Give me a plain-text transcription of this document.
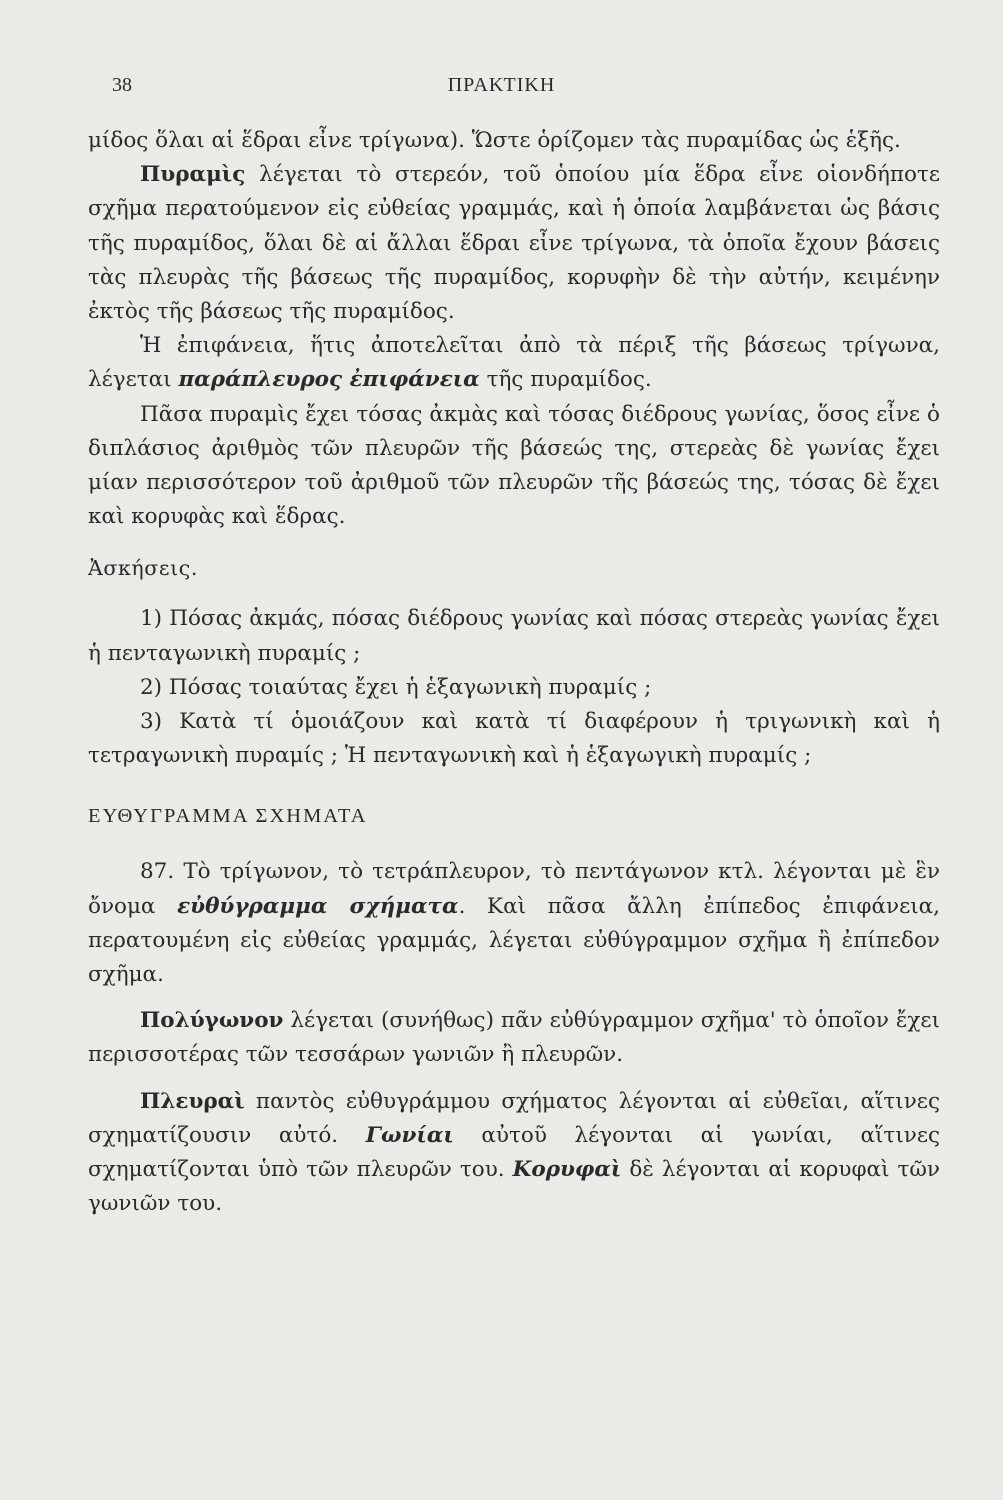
38	ΠΡΑΚΤΙΚΗ

μίδος ὅλαι αἱ ἕδραι εἶνε τρίγωνα). Ὥστε ὁρίζομεν τὰς πυραμίδας ὡς ἑξῆς.

Πυραμὶς λέγεται τὸ στερεόν, τοῦ ὁποίου μία ἕδρα εἶνε οἱονδήποτε σχῆμα περατούμενον εἰς εὐθείας γραμμάς, καὶ ἡ ὁποία λαμβάνεται ὡς βάσις τῆς πυραμίδος, ὅλαι δὲ αἱ ἄλλαι ἕδραι εἶνε τρίγωνα, τὰ ὁποῖα ἔχουν βάσεις τὰς πλευρὰς τῆς βάσεως τῆς πυραμίδος, κορυφὴν δὲ τὴν αὐτήν, κειμένην ἐκτὸς τῆς βάσεως τῆς πυραμίδος.

Ἡ ἐπιφάνεια, ἥτις ἀποτελεῖται ἀπὸ τὰ πέριξ τῆς βάσεως τρίγωνα, λέγεται παράπλευρος ἐπιφάνεια τῆς πυραμίδος.

Πᾶσα πυραμὶς ἔχει τόσας ἀκμὰς καὶ τόσας διέδρους γωνίας, ὅσος εἶνε ὁ διπλάσιος ἀριθμὸς τῶν πλευρῶν τῆς βάσεώς της, στερεὰς δὲ γωνίας ἔχει μίαν περισσότερον τοῦ ἀριθμοῦ τῶν πλευρῶν τῆς βάσεώς της, τόσας δὲ ἔχει καὶ κορυφὰς καὶ ἕδρας.

Ἀσκήσεις.

1) Πόσας ἀκμάς, πόσας διέδρους γωνίας καὶ πόσας στερεὰς γωνίας ἔχει ἡ πενταγωνικὴ πυραμίς ;

2) Πόσας τοιαύτας ἔχει ἡ ἑξαγωνικὴ πυραμίς ;

3) Κατὰ τί ὁμοιάζουν καὶ κατὰ τί διαφέρουν ἡ τριγωνικὴ καὶ ἡ τετραγωνικὴ πυραμίς ; Ἡ πενταγωνικὴ καὶ ἡ ἑξαγωγικὴ πυραμίς ;

ΕΥΘΥΓΡΑΜΜΑ ΣΧΗΜΑΤΑ

87. Τὸ τρίγωνον, τὸ τετράπλευρον, τὸ πεντάγωνον κτλ. λέγονται μὲ ἓν ὄνομα εὐθύγραμμα σχήματα. Καὶ πᾶσα ἄλλη ἐπίπεδος ἐπιφάνεια, περατουμένη εἰς εὐθείας γραμμάς, λέγεται εὐθύγραμμον σχῆμα ἢ ἐπίπεδον σχῆμα.

Πολύγωνον λέγεται (συνήθως) πᾶν εὐθύγραμμον σχῆμα' τὸ ὁποῖον ἔχει περισσοτέρας τῶν τεσσάρων γωνιῶν ἢ πλευρῶν.

Πλευραὶ παντὸς εὐθυγράμμου σχήματος λέγονται αἱ εὐθεῖαι, αἵτινες σχηματίζουσιν αὐτό. Γωνίαι αὐτοῦ λέγονται αἱ γωνίαι, αἵτινες σχηματίζονται ὑπὸ τῶν πλευρῶν του. Κορυφαὶ δὲ λέγονται αἱ κορυφαὶ τῶν γωνιῶν του.
